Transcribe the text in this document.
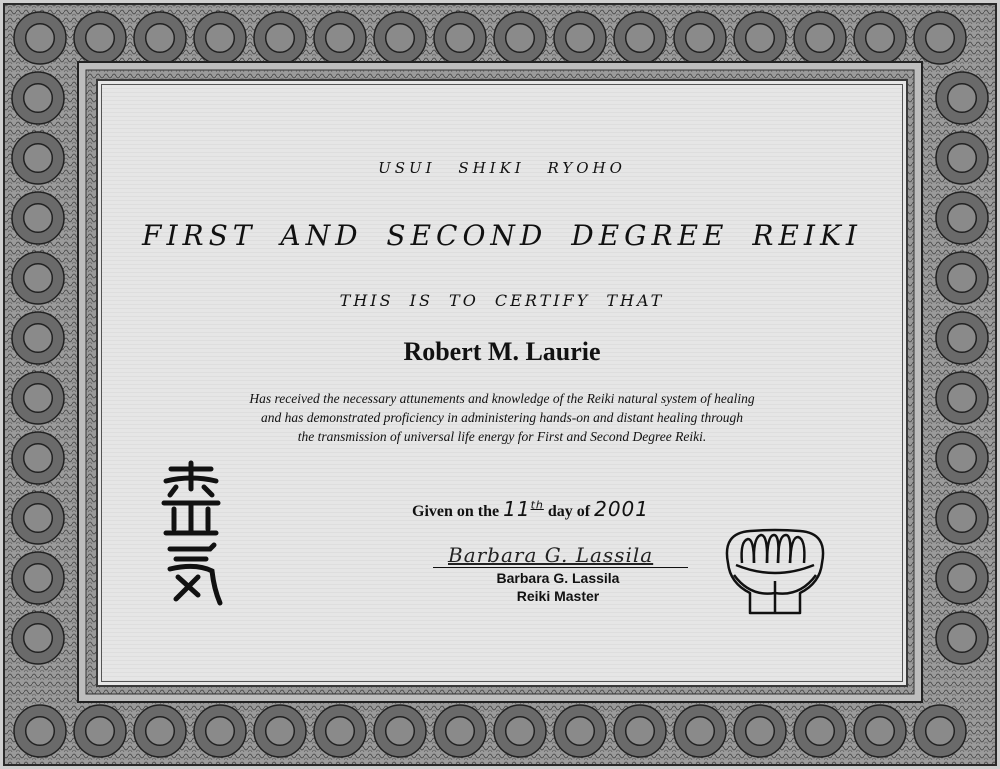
USUI SHIKI RYOHO
FIRST AND SECOND DEGREE REIKI
THIS IS TO CERTIFY THAT
Robert M. Laurie
Has received the necessary attunements and knowledge of the Reiki natural system of healing
and has demonstrated proficiency in administering hands-on and distant healing through
the transmission of universal life energy for First and Second Degree Reiki.
Given on the 11th day of 2001
Barbara G. Lassila
Barbara G. Lassila
Reiki Master
